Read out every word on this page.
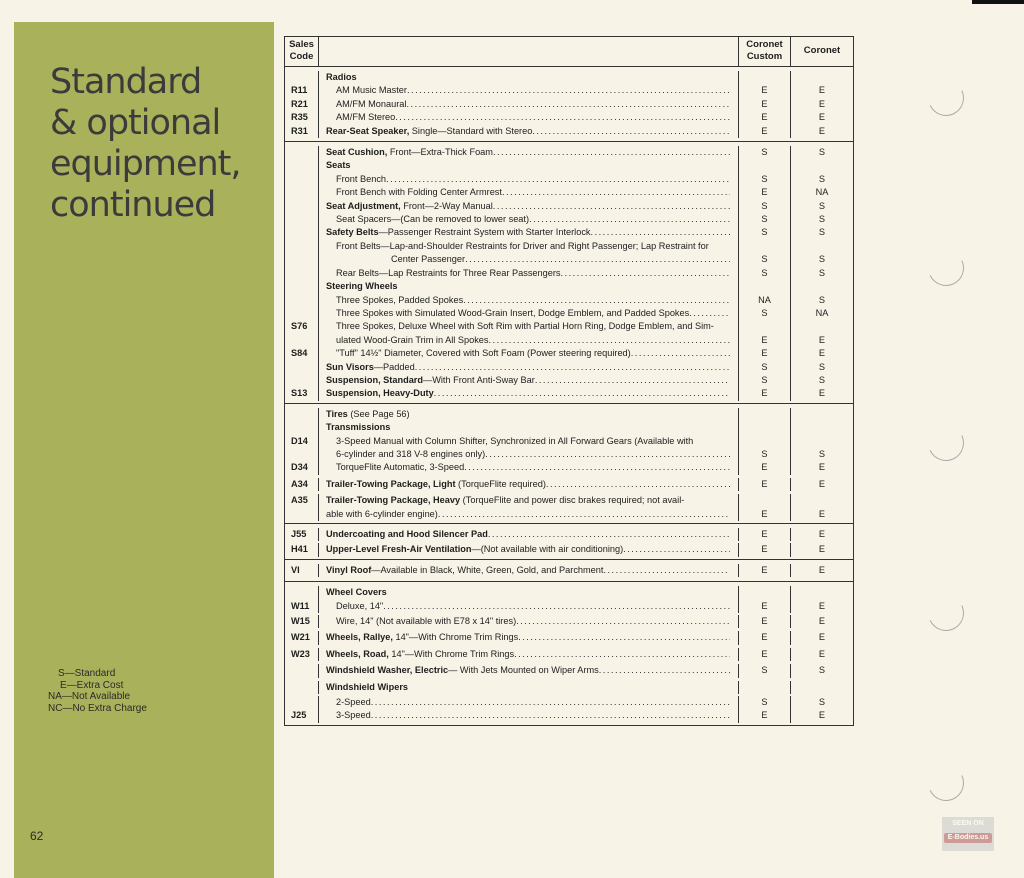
Standard
& optional
equipment,
continued
S—Standard
E—Extra Cost
NA—Not Available
NC—No Extra Charge
62
SEEN ON
E-Bodies.us
Sales
Code
Coronet
Custom	Coronet
Radios
R11	AM Music Master .....	E	E
R21	AM/FM Monaural .....	E	E
R35	AM/FM Stereo .....	E	E
R31	Rear-Seat Speaker, Single—Standard with Stereo .....	E	E
Seat Cushion, Front—Extra-Thick Foam .....	S	S
Seats
Front Bench .....	S	S
Front Bench with Folding Center Armrest .....	E	NA
Seat Adjustment, Front—2-Way Manual .....	S	S
Seat Spacers—(Can be removed to lower seat) .....	S	S
Safety Belts—Passenger Restraint System with Starter Interlock .....	S	S
Front Belts—Lap-and-Shoulder Restraints for Driver and Right Passenger; Lap Restraint for
Center Passenger .....	S	S
Rear Belts—Lap Restraints for Three Rear Passengers .....	S	S
Steering Wheels
Three Spokes, Padded Spokes .....	NA	S
Three Spokes with Simulated Wood-Grain Insert, Dodge Emblem, and Padded Spokes .....	S	NA
S76	Three Spokes, Deluxe Wheel with Soft Rim with Partial Horn Ring, Dodge Emblem, and Sim-
ulated Wood-Grain Trim in All Spokes .....	E	E
S84	"Tuff" 14½" Diameter, Covered with Soft Foam (Power steering required) .....	E	E
Sun Visors—Padded .....	S	S
Suspension, Standard—With Front Anti-Sway Bar .....	S	S
S13	Suspension, Heavy-Duty .....	E	E
Tires (See Page 56)
Transmissions
D14	3-Speed Manual with Column Shifter, Synchronized in All Forward Gears (Available with
6-cylinder and 318 V-8 engines only) .....	S	S
D34	TorqueFlite Automatic, 3-Speed .....	E	E
A34	Trailer-Towing Package, Light (TorqueFlite required) .....	E	E
A35	Trailer-Towing Package, Heavy (TorqueFlite and power disc brakes required; not avail-
able with 6-cylinder engine) .....	E	E
J55	Undercoating and Hood Silencer Pad .....	E	E
H41	Upper-Level Fresh-Air Ventilation—(Not available with air conditioning) .....	E	E
VI	Vinyl Roof—Available in Black, White, Green, Gold, and Parchment .....	E	E
Wheel Covers
W11	Deluxe, 14" .....	E	E
W15	Wire, 14" (Not available with E78 x 14" tires) .....	E	E
W21	Wheels, Rallye, 14"—With Chrome Trim Rings .....	E	E
W23	Wheels, Road, 14"—With Chrome Trim Rings .....	E	E
Windshield Washer, Electric— With Jets Mounted on Wiper Arms .....	S	S
Windshield Wipers
2-Speed .....	S	S
J25	3-Speed .....	E	E
